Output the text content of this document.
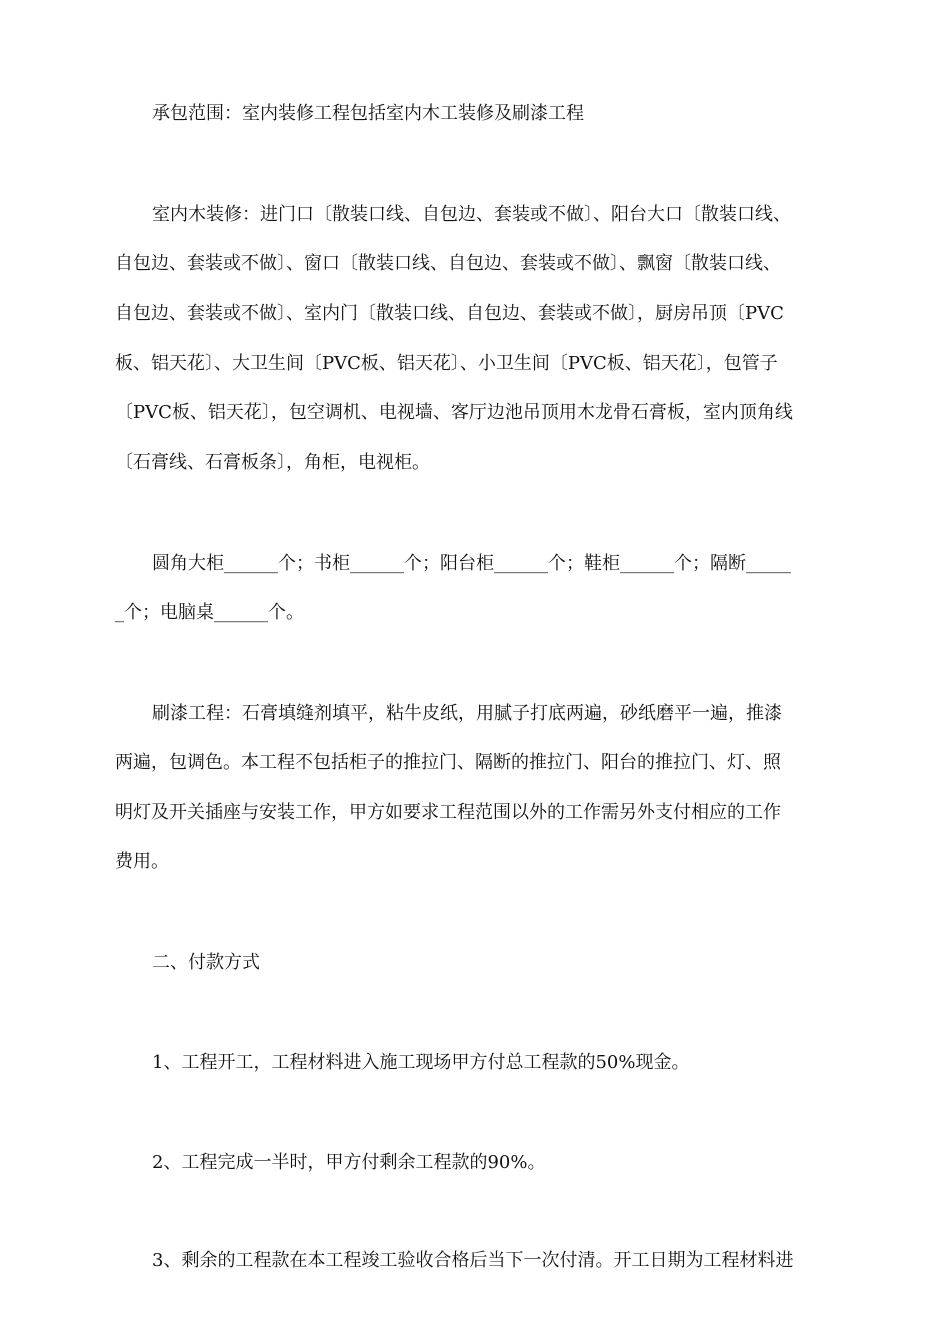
承包范围：室内装修工程包括室内木工装修及刷漆工程
室内木装修：进门口〔散装口线、自包边、套装或不做〕、阳台大口〔散装口线、
自包边、套装或不做〕、窗口〔散装口线、自包边、套装或不做〕、飘窗〔散装口线、
自包边、套装或不做〕、室内门〔散装口线、自包边、套装或不做〕，厨房吊顶〔PVC
板、铝天花〕、大卫生间〔PVC板、铝天花〕、小卫生间〔PVC板、铝天花〕，包管子
〔PVC板、铝天花〕，包空调机、电视墙、客厅边池吊顶用木龙骨石膏板，室内顶角线
〔石膏线、石膏板条〕，角柜，电视柜。
圆角大柜______个；书柜______个；阳台柜______个；鞋柜______个；隔断_____
_个；电脑桌______个。
刷漆工程：石膏填缝剂填平，粘牛皮纸，用腻子打底两遍，砂纸磨平一遍，推漆
两遍，包调色。本工程不包括柜子的推拉门、隔断的推拉门、阳台的推拉门、灯、照
明灯及开关插座与安装工作，甲方如要求工程范围以外的工作需另外支付相应的工作
费用。
二、付款方式
1、工程开工，工程材料进入施工现场甲方付总工程款的50%现金。
2、工程完成一半时，甲方付剩余工程款的90%。
3、剩余的工程款在本工程竣工验收合格后当下一次付清。开工日期为工程材料进
